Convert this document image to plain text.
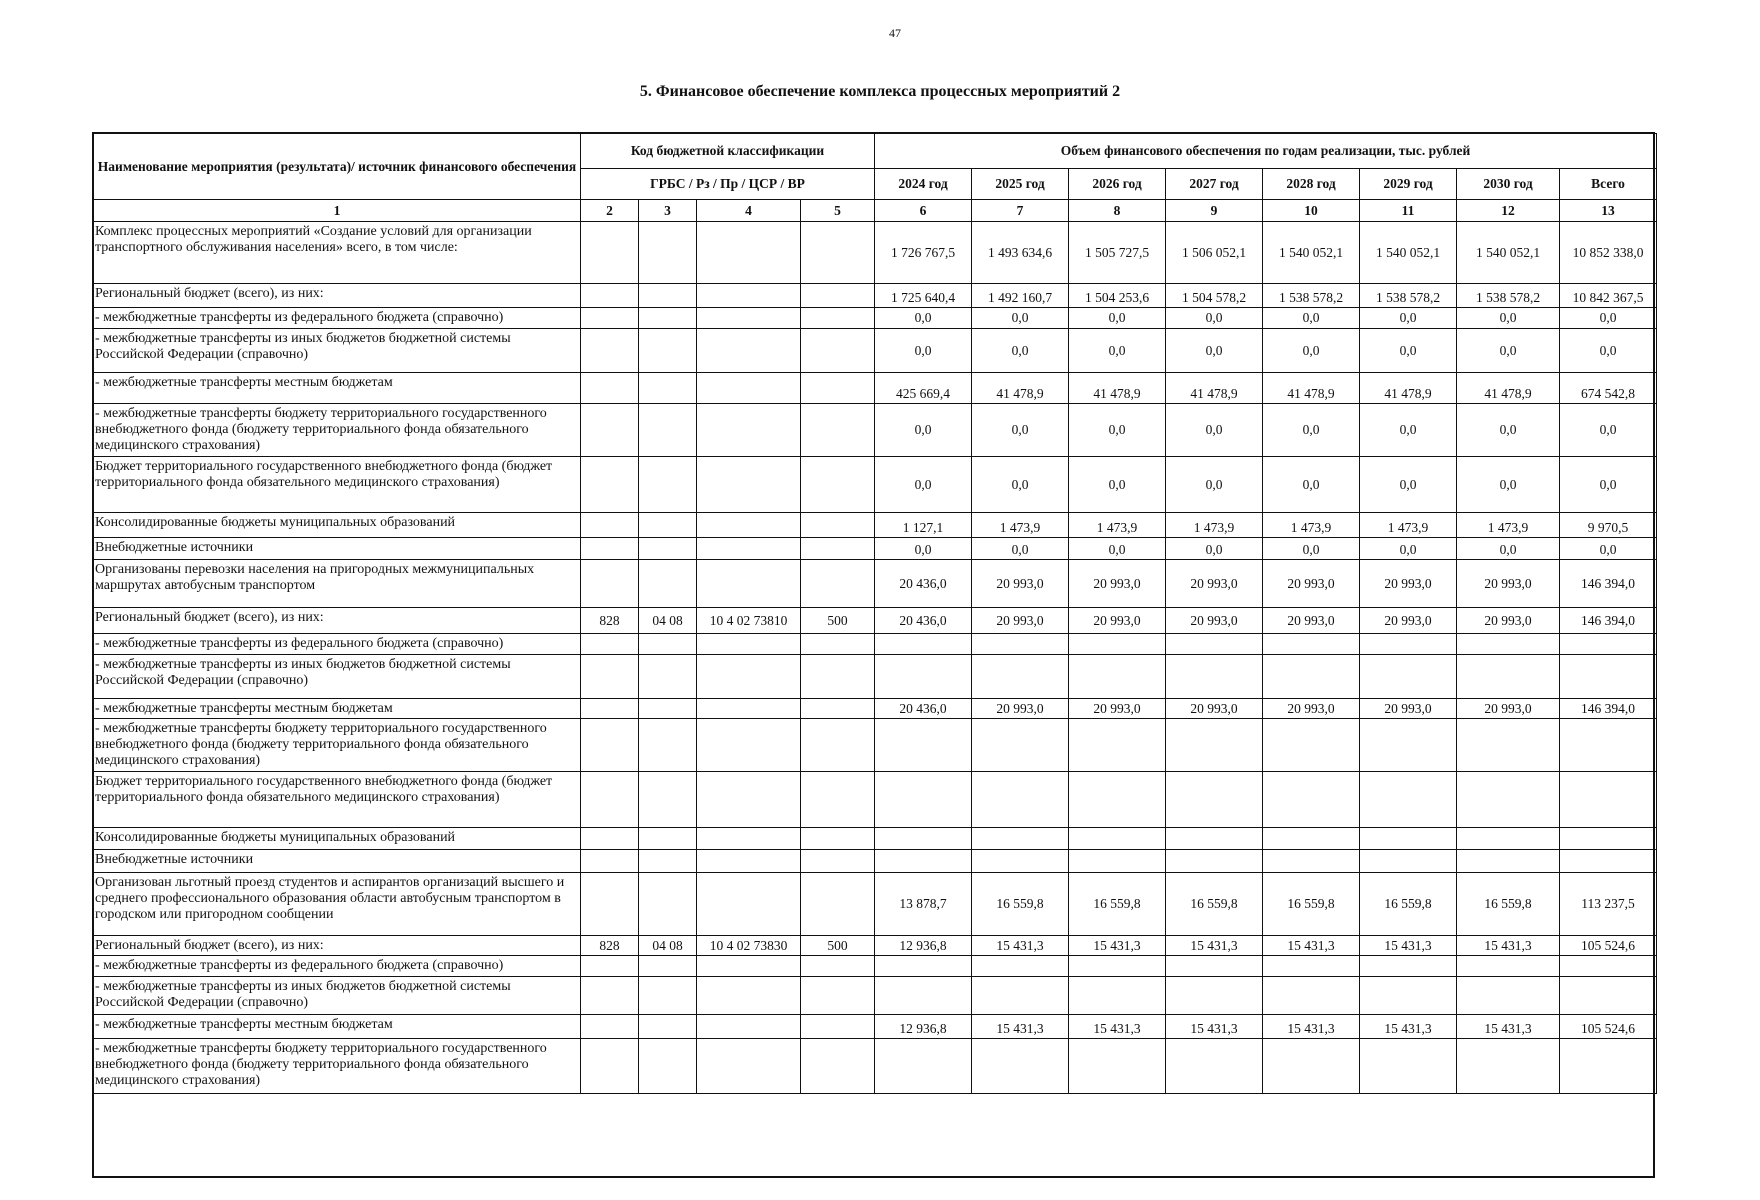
47
5. Финансовое обеспечение комплекса процессных мероприятий 2
Наименование мероприятия (результата)/ источник финансового обеспечения	Код бюджетной классификации				Объем финансового обеспечения по годам реализации, тыс. рублей							
	ГРБС / Рз / Пр / ЦСР / ВР				2024 год	2025 год	2026 год	2027 год	2028 год	2029 год	2030 год	Всего
1	2	3	4	5	6	7	8	9	10	11	12	13
Комплекс процессных мероприятий «Создание условий для организации транспортного обслуживания населения» всего, в том числе:					1 726 767,5	1 493 634,6	1 505 727,5	1 506 052,1	1 540 052,1	1 540 052,1	1 540 052,1	10 852 338,0
Региональный бюджет (всего), из них:					1 725 640,4	1 492 160,7	1 504 253,6	1 504 578,2	1 538 578,2	1 538 578,2	1 538 578,2	10 842 367,5
- межбюджетные трансферты из федерального бюджета (справочно)					0,0	0,0	0,0	0,0	0,0	0,0	0,0	0,0
- межбюджетные трансферты из иных бюджетов бюджетной системы Российской Федерации (справочно)					0,0	0,0	0,0	0,0	0,0	0,0	0,0	0,0
- межбюджетные трансферты местным бюджетам					425 669,4	41 478,9	41 478,9	41 478,9	41 478,9	41 478,9	41 478,9	674 542,8
- межбюджетные трансферты бюджету территориального государственного внебюджетного фонда (бюджету территориального фонда обязательного медицинского страхования)					0,0	0,0	0,0	0,0	0,0	0,0	0,0	0,0
Бюджет территориального государственного внебюджетного фонда (бюджет территориального фонда обязательного медицинского страхования)					0,0	0,0	0,0	0,0	0,0	0,0	0,0	0,0
Консолидированные бюджеты муниципальных образований					1 127,1	1 473,9	1 473,9	1 473,9	1 473,9	1 473,9	1 473,9	9 970,5
Внебюджетные источники					0,0	0,0	0,0	0,0	0,0	0,0	0,0	0,0
Организованы перевозки населения на пригородных межмуниципальных маршрутах автобусным транспортом					20 436,0	20 993,0	20 993,0	20 993,0	20 993,0	20 993,0	20 993,0	146 394,0
Региональный бюджет (всего), из них:	828	04 08	10 4 02 73810	500	20 436,0	20 993,0	20 993,0	20 993,0	20 993,0	20 993,0	20 993,0	146 394,0
- межбюджетные трансферты из федерального бюджета (справочно)												
- межбюджетные трансферты из иных бюджетов бюджетной системы Российской Федерации (справочно)												
- межбюджетные трансферты местным бюджетам					20 436,0	20 993,0	20 993,0	20 993,0	20 993,0	20 993,0	20 993,0	146 394,0
- межбюджетные трансферты бюджету территориального государственного внебюджетного фонда (бюджету территориального фонда обязательного медицинского страхования)												
Бюджет территориального государственного внебюджетного фонда (бюджет территориального фонда обязательного медицинского страхования)												
Консолидированные бюджеты муниципальных образований												
Внебюджетные источники												
Организован льготный проезд студентов и аспирантов организаций высшего и среднего профессионального образования области автобусным транспортом в городском или пригородном сообщении					13 878,7	16 559,8	16 559,8	16 559,8	16 559,8	16 559,8	16 559,8	113 237,5
Региональный бюджет (всего), из них:	828	04 08	10 4 02 73830	500	12 936,8	15 431,3	15 431,3	15 431,3	15 431,3	15 431,3	15 431,3	105 524,6
- межбюджетные трансферты из федерального бюджета (справочно)												
- межбюджетные трансферты из иных бюджетов бюджетной системы Российской Федерации (справочно)												
- межбюджетные трансферты местным бюджетам					12 936,8	15 431,3	15 431,3	15 431,3	15 431,3	15 431,3	15 431,3	105 524,6
- межбюджетные трансферты бюджету территориального государственного внебюджетного фонда (бюджету территориального фонда обязательного медицинского страхования)												
